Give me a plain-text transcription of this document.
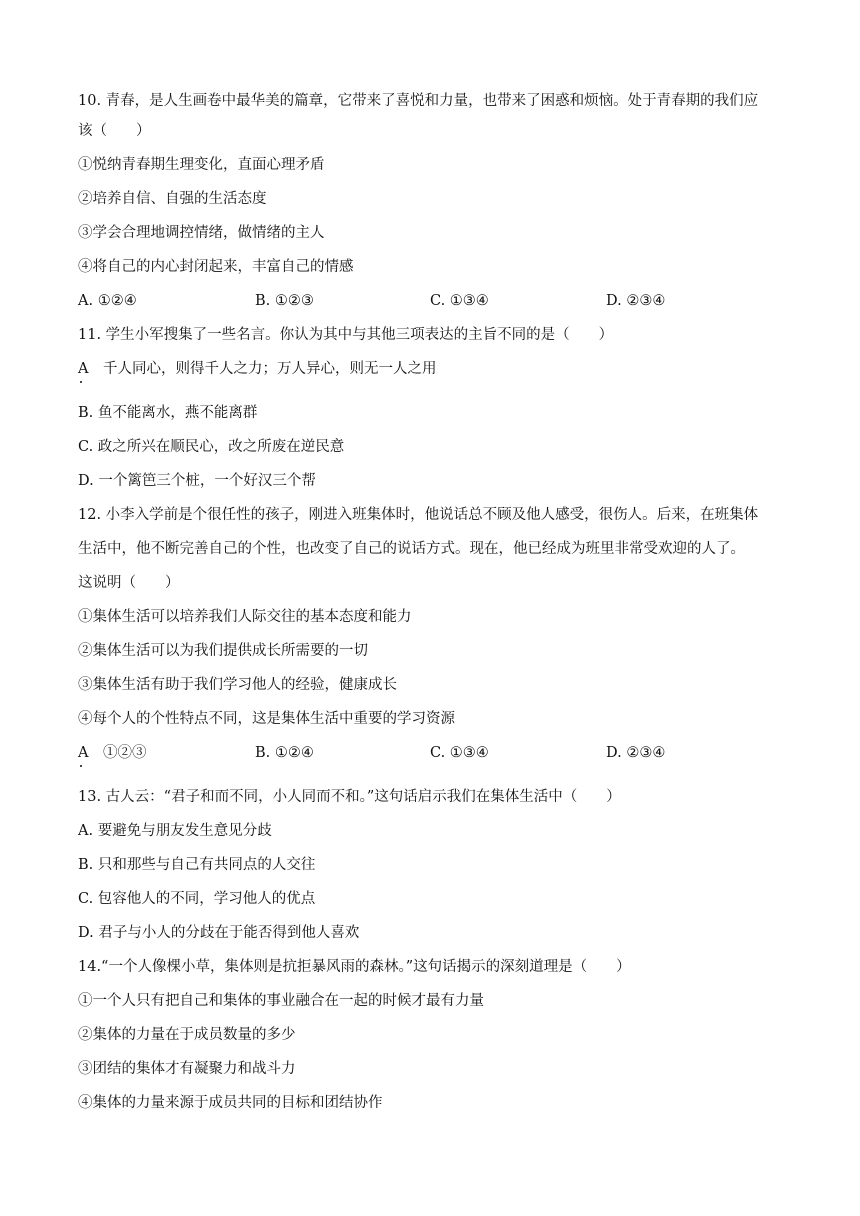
10. 青春，是人生画卷中最华美的篇章，它带来了喜悦和力量，也带来了困惑和烦恼。处于青春期的我们应
该（　　）
①悦纳青春期生理变化，直面心理矛盾
②培养自信、自强的生活态度
③学会合理地调控情绪，做情绪的主人
④将自己的内心封闭起来，丰富自己的情感
A. ①②④	B. ①②③	C. ①③④	D. ②③④
11. 学生小军搜集了一些名言。你认为其中与其他三项表达的主旨不同的是（　　）
A　千人同心，则得千人之力；万人异心，则无一人之用
B. 鱼不能离水，燕不能离群
C. 政之所兴在顺民心，改之所废在逆民意
D. 一个篱笆三个桩，一个好汉三个帮
12. 小李入学前是个很任性的孩子，刚进入班集体时，他说话总不顾及他人感受，很伤人。后来，在班集体
生活中，他不断完善自己的个性，也改变了自己的说话方式。现在，他已经成为班里非常受欢迎的人了。
这说明（　　）
①集体生活可以培养我们人际交往的基本态度和能力
②集体生活可以为我们提供成长所需要的一切
③集体生活有助于我们学习他人的经验，健康成长
④每个人的个性特点不同，这是集体生活中重要的学习资源
A　①②③	B. ①②④	C. ①③④	D. ②③④
13. 古人云：“君子和而不同，小人同而不和。”这句话启示我们在集体生活中（　　）
A. 要避免与朋友发生意见分歧
B. 只和那些与自己有共同点的人交往
C. 包容他人的不同，学习他人的优点
D. 君子与小人的分歧在于能否得到他人喜欢
14.“一个人像棵小草，集体则是抗拒暴风雨的森林。”这句话揭示的深刻道理是（　　）
①一个人只有把自己和集体的事业融合在一起的时候才最有力量
②集体的力量在于成员数量的多少
③团结的集体才有凝聚力和战斗力
④集体的力量来源于成员共同的目标和团结协作
